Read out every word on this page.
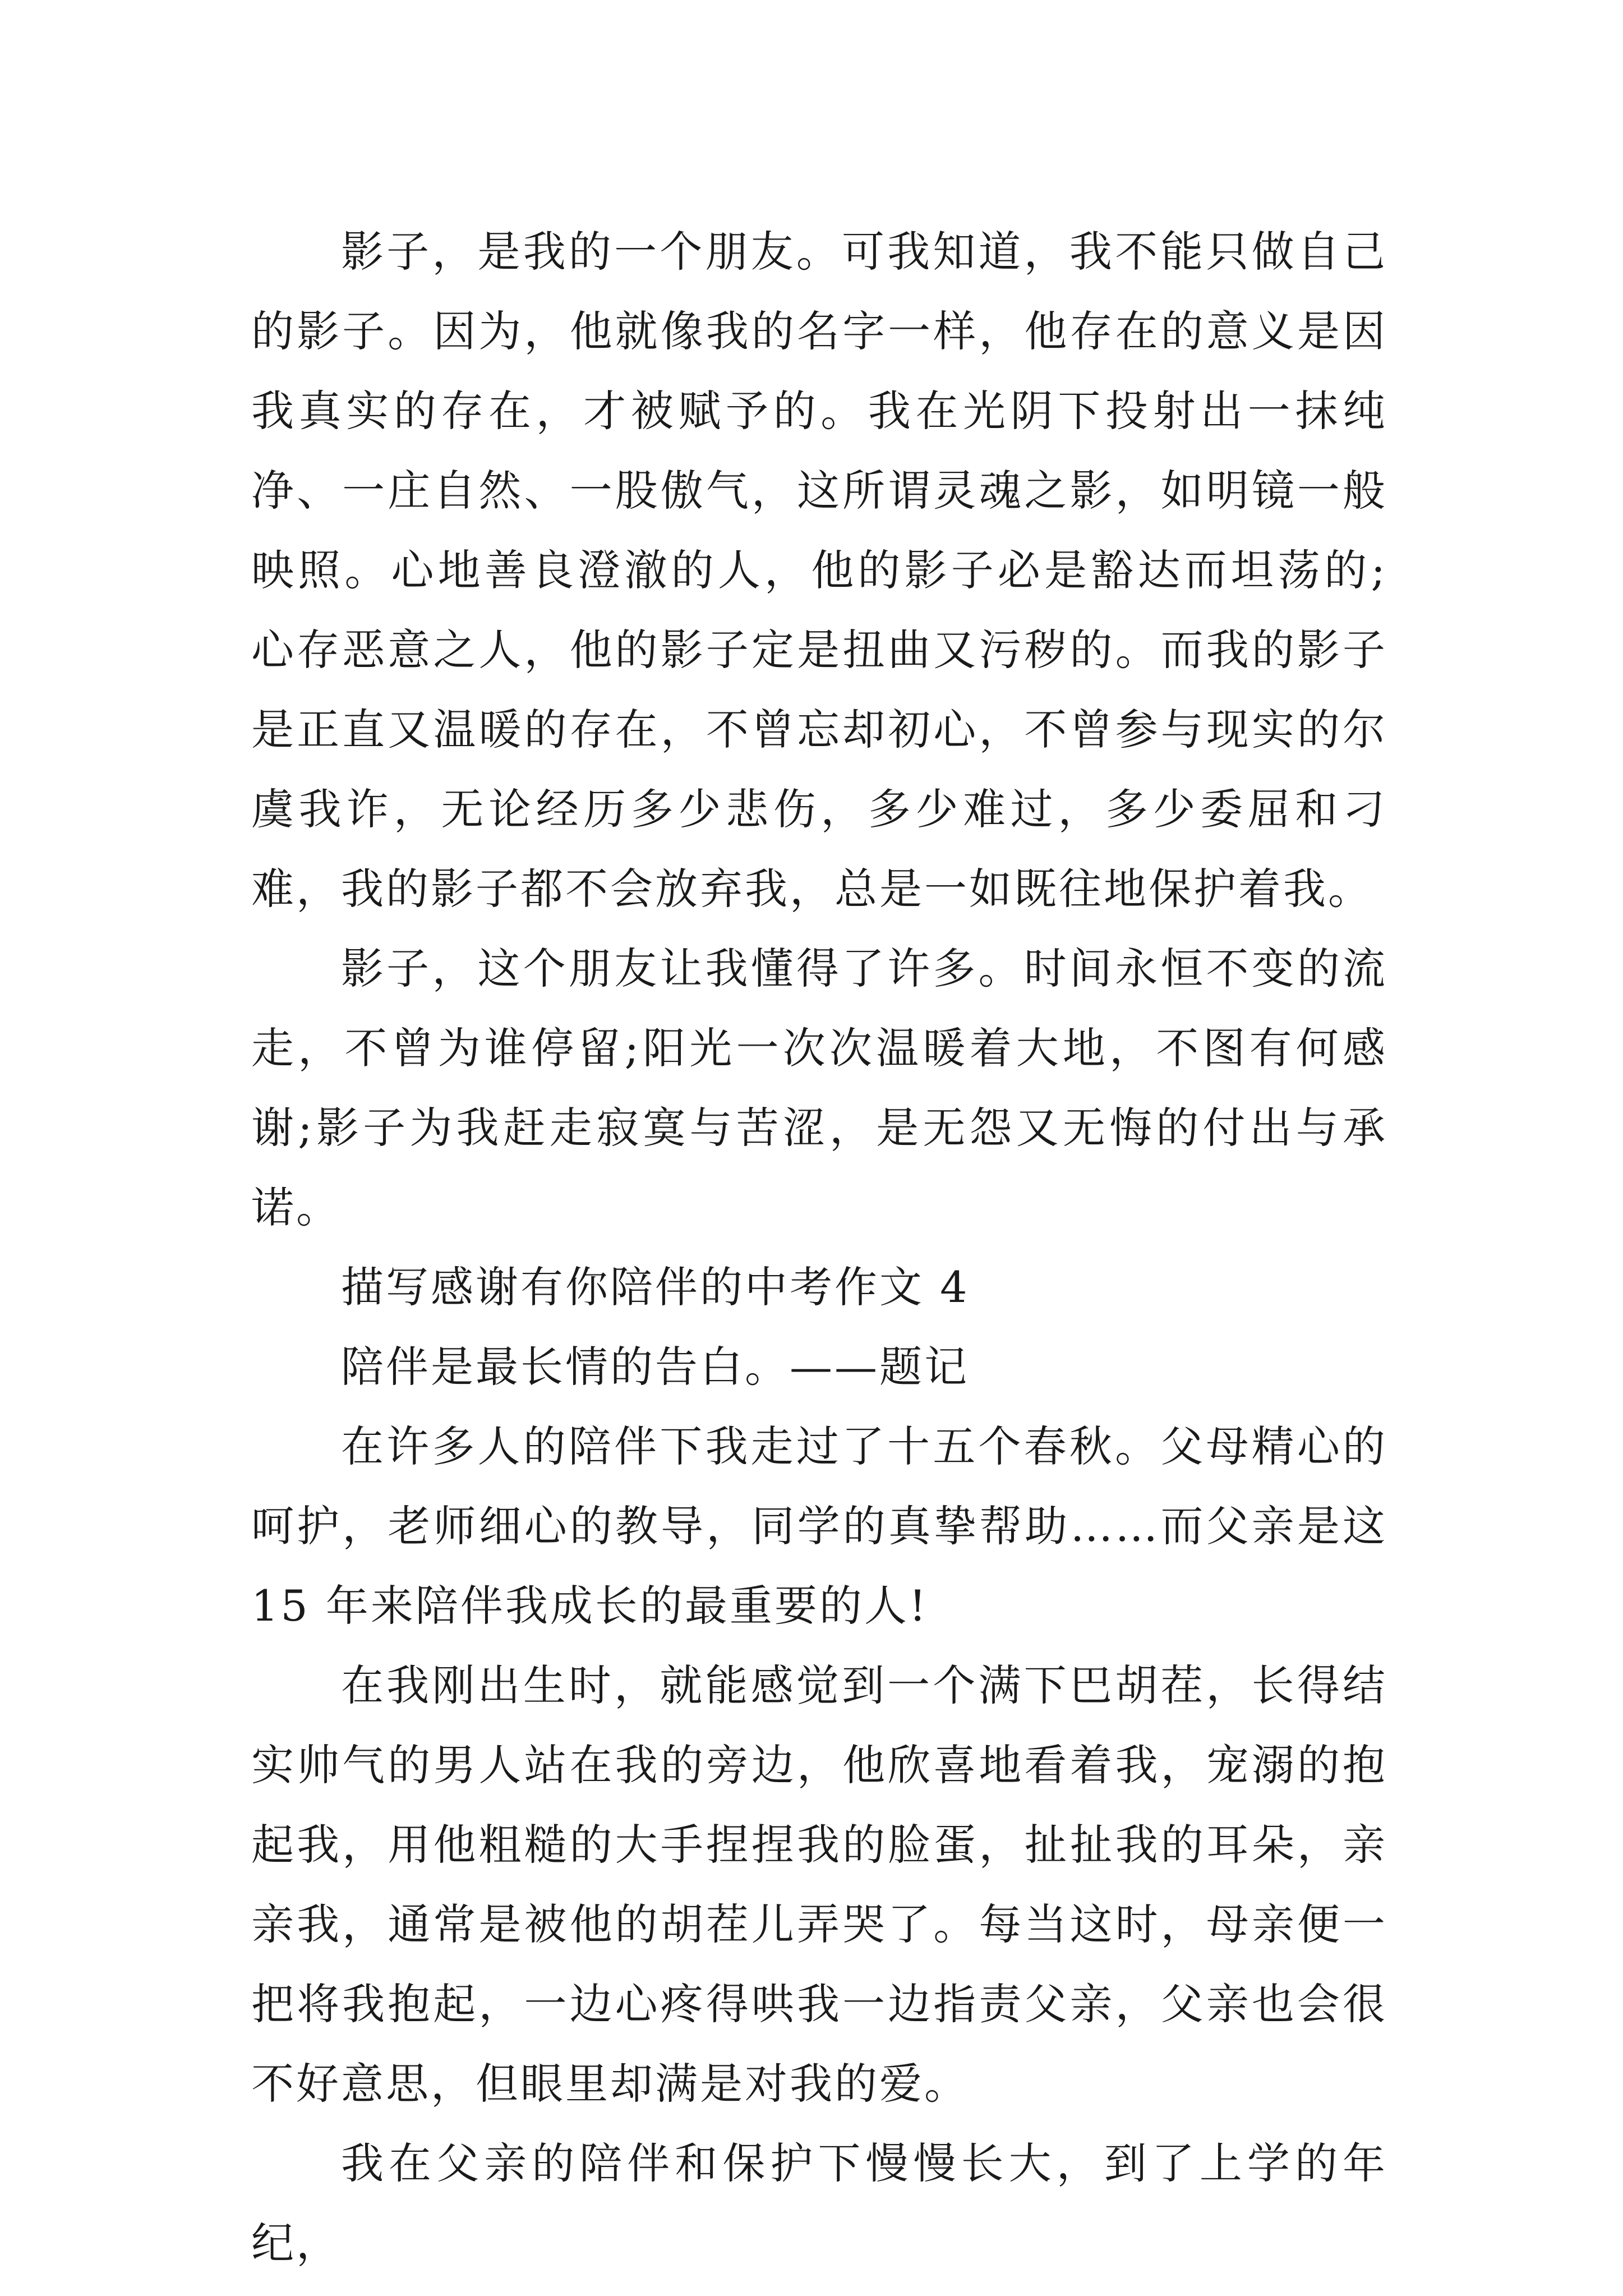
影子，是我的一个朋友。可我知道，我不能只做自己的影子。因为，他就像我的名字一样，他存在的意义是因我真实的存在，才被赋予的。我在光阴下投射出一抹纯净、一庄自然、一股傲气，这所谓灵魂之影，如明镜一般映照。心地善良澄澈的人，他的影子必是豁达而坦荡的;心存恶意之人，他的影子定是扭曲又污秽的。而我的影子是正直又温暖的存在，不曾忘却初心，不曾参与现实的尔虞我诈，无论经历多少悲伤，多少难过，多少委屈和刁难，我的影子都不会放弃我，总是一如既往地保护着我。

影子，这个朋友让我懂得了许多。时间永恒不变的流走，不曾为谁停留;阳光一次次温暖着大地，不图有何感谢;影子为我赶走寂寞与苦涩，是无怨又无悔的付出与承诺。

描写感谢有你陪伴的中考作文 4

陪伴是最长情的告白。——题记

在许多人的陪伴下我走过了十五个春秋。父母精心的呵护，老师细心的教导，同学的真挚帮助……而父亲是这 15 年来陪伴我成长的最重要的人!

在我刚出生时，就能感觉到一个满下巴胡茬，长得结实帅气的男人站在我的旁边，他欣喜地看着我，宠溺的抱起我，用他粗糙的大手捏捏我的脸蛋，扯扯我的耳朵，亲亲我，通常是被他的胡茬儿弄哭了。每当这时，母亲便一把将我抱起，一边心疼得哄我一边指责父亲，父亲也会很不好意思，但眼里却满是对我的爱。

我在父亲的陪伴和保护下慢慢长大，到了上学的年纪，
